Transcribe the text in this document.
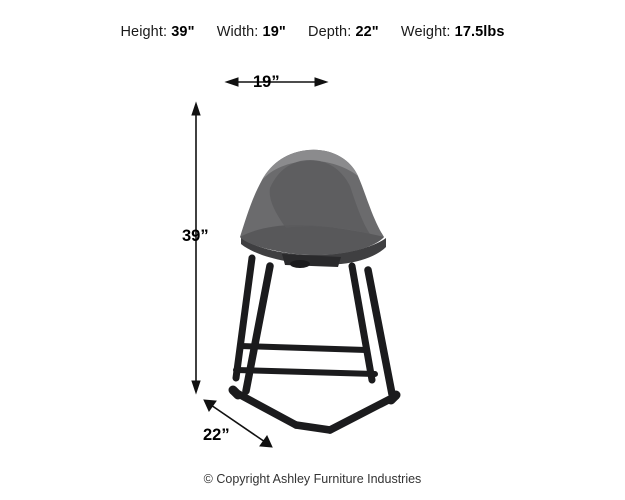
Height: 39" Width: 19" Depth: 22" Weight: 17.5lbs
19”
39”
22”
© Copyright Ashley Furniture Industries
